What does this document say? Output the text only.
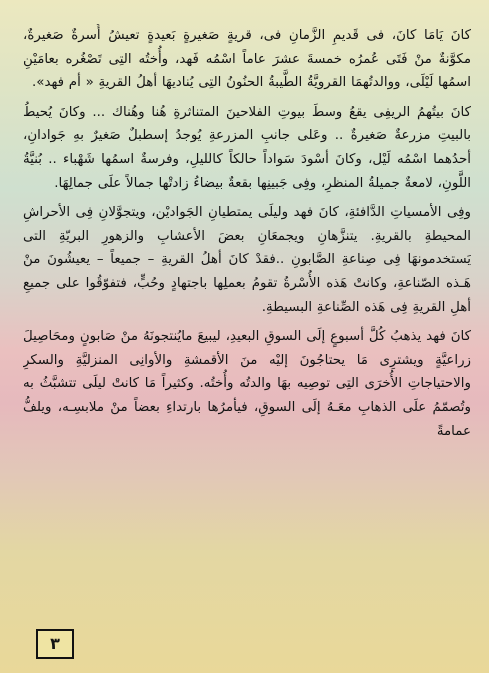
كانَ يَامَا كانَ، فى قَديمِ الزَّمانِ فى، قريةٍ صَغيرةٍ بَعيدةٍ تعيشُ أُسرةٌ صَغيرةٌ، مكوَّنةٌ منْ فَتَى عُمرُه خمسةَ عشرَ عاماً اسْمُه فَهد، وأُختُه التِى تَصْغُره بعامَيْنِ اسمُها لَيْلَى، ووالدتُهمَا القرويَّةُ الطَّيبةُ الحنُونُ التِى يُناديهَا أهلُ القريةِ « أم فهد».

كانَ بيتُهمُ الريفِى يقعُ وسطَ بيوتِ الفلاحينَ المتناثرةِ هُنا وهُناك ... وكانَ يُحيطُ بالبيتِ مزرعةٌ صَغيرةٌ .. وعَلى جانبِ المزرعةِ يُوجدُ إسطبلٌ صَغيرٌ بهِ جَوادانِ، أحدُهما اسْمُه لَيْل، وكانَ أسْودَ سَواداً حالكاً كالليلِ، وفرسةٌ اسمُها شَهْباء .. بُنيَّةُ اللَّونِ، لامعةٌ جميلةُ المنظرِ، وفِى جَبينِها بقعةٌ بيضاءُ زادتْها جمالاً علَى جمالِهَا.

وفِى الأمسياتِ الدَّافئةِ، كانَ فهد وليلَى يمتطيانِ الجَواديْن، ويتجوَّلانِ فِى الأحراشِ المحيطةِ بالقريةِ. يتنزَّهانِ ويجمعَانِ بعضَ الأعشابِ والزهورِ البريّةِ التى يَستخدمونهَا فِى صِناعةِ الصَّابونِ ..فقدْ كانَ أهلُ القريةِ – جميعاً – يعيشُونَ منْ هَـذه الصّناعةِ، وكانتْ هَذه الأُسْرةُ تقومُ بعملِها باجتهادٍ وحُبٍّ، فتفوّقُوا على جميعِ أهلِ القريةِ فِى هَذه الصِّناعةِ البسيطةِ.

كانَ فهد يذهبُ كُلَّ أسبوعٍ إلَى السوقِ البعيدِ، ليبيعَ مايُنتجونَهُ منْ صَابونٍ ومحَاصِيلَ زراعيَّةٍ ويشترِى مَا يحتاجُونَ إليْه منَ الأقمشةِ والأوانِى المنزليَّةِ والسكرِ والاحتياجاتِ الأُخرَى التِى توصِيه بهَا والدتُه وأُختُه. وكثيراً مَا كانتْ ليلَى تتشبَّثُ به وتُصمّمُ علَى الذهابِ معَـهُ إلَى السوقِ، فيأمرُها بارتداءِ بعضاً منْ ملابسِـه، ويلفُّ عمامةً

٣
